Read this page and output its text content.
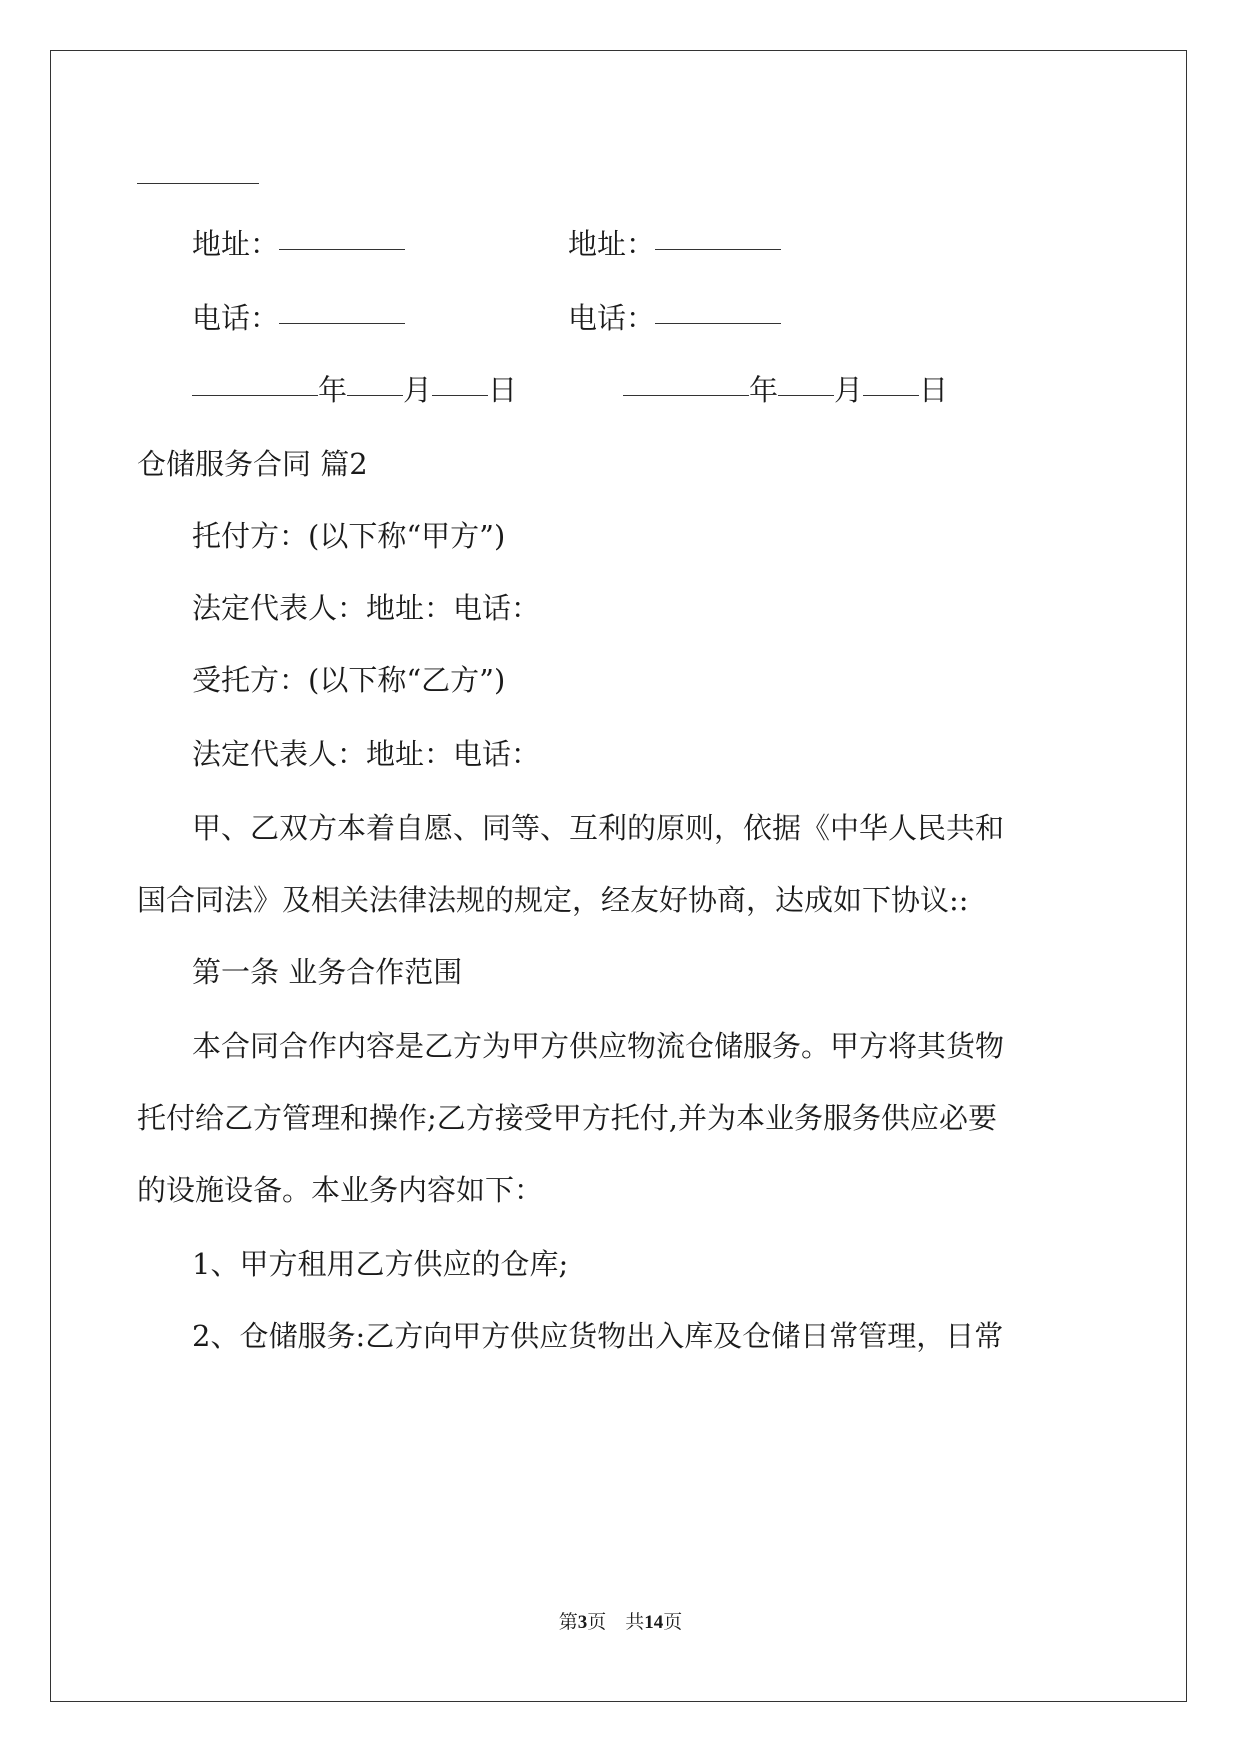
地址：	地址：
电话：	电话：
年 月 日	年 月 日
仓储服务合同 篇2
托付方：(以下称“甲方”)
法定代表人：地址：电话：
受托方：(以下称“乙方”)
法定代表人：地址：电话：
甲、乙双方本着自愿、同等、互利的原则，依据《中华人民共和
国合同法》及相关法律法规的规定，经友好协商，达成如下协议::
第一条 业务合作范围
本合同合作内容是乙方为甲方供应物流仓储服务。甲方将其货物
托付给乙方管理和操作;乙方接受甲方托付,并为本业务服务供应必要
的设施设备。本业务内容如下：
1、甲方租用乙方供应的仓库;
2、仓储服务:乙方向甲方供应货物出入库及仓储日常管理，日常
第3页　共14页
